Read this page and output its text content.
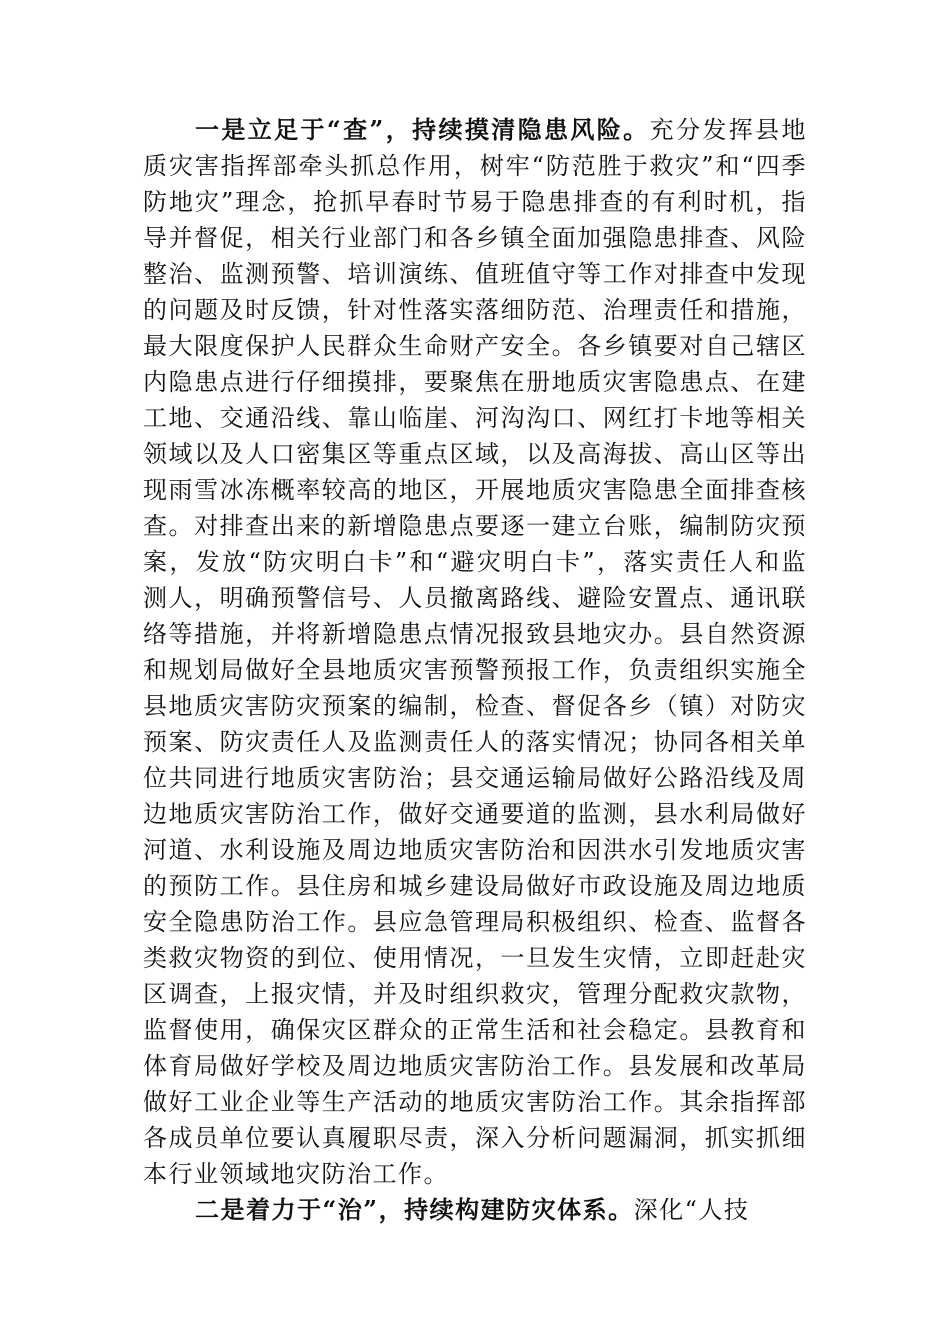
一是立足于“查”，持续摸清隐患风险。充分发挥县地质灾害指挥部牵头抓总作用，树牢“防范胜于救灾”和“四季防地灾”理念，抢抓早春时节易于隐患排查的有利时机，指导并督促，相关行业部门和各乡镇全面加强隐患排查、风险整治、监测预警、培训演练、值班值守等工作对排查中发现的问题及时反馈，针对性落实落细防范、治理责任和措施，最大限度保护人民群众生命财产安全。各乡镇要对自己辖区内隐患点进行仔细摸排，要聚焦在册地质灾害隐患点、在建工地、交通沿线、靠山临崖、河沟沟口、网红打卡地等相关领域以及人口密集区等重点区域，以及高海拔、高山区等出现雨雪冰冻概率较高的地区，开展地质灾害隐患全面排查核查。对排查出来的新增隐患点要逐一建立台账，编制防灾预案，发放“防灾明白卡”和“避灾明白卡”，落实责任人和监测人，明确预警信号、人员撤离路线、避险安置点、通讯联络等措施，并将新增隐患点情况报致县地灾办。县自然资源和规划局做好全县地质灾害预警预报工作，负责组织实施全县地质灾害防灾预案的编制，检查、督促各乡（镇）对防灾预案、防灾责任人及监测责任人的落实情况；协同各相关单位共同进行地质灾害防治；县交通运输局做好公路沿线及周边地质灾害防治工作，做好交通要道的监测，县水利局做好河道、水利设施及周边地质灾害防治和因洪水引发地质灾害的预防工作。县住房和城乡建设局做好市政设施及周边地质安全隐患防治工作。县应急管理局积极组织、检查、监督各类救灾物资的到位、使用情况，一旦发生灾情，立即赶赴灾区调查，上报灾情，并及时组织救灾，管理分配救灾款物，监督使用，确保灾区群众的正常生活和社会稳定。县教育和体育局做好学校及周边地质灾害防治工作。县发展和改革局做好工业企业等生产活动的地质灾害防治工作。其余指挥部各成员单位要认真履职尽责，深入分析问题漏洞，抓实抓细本行业领域地灾防治工作。

二是着力于“治”，持续构建防灾体系。深化“人技
